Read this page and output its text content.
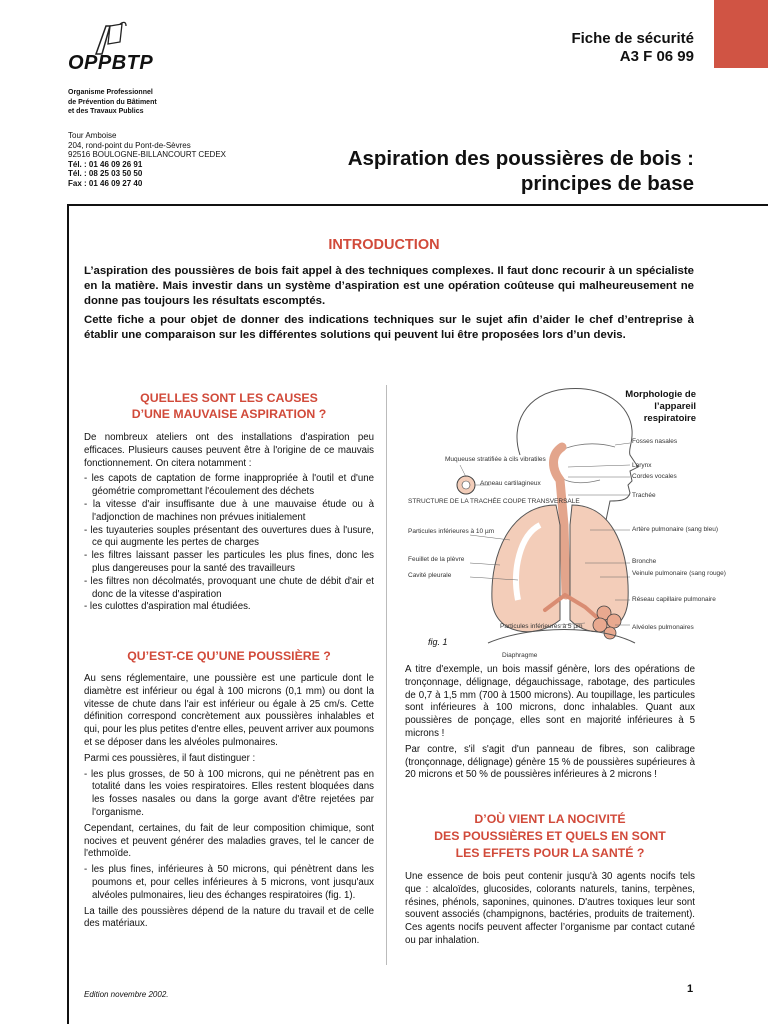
OPPBTP
Organisme Professionnel
de Prévention du Bâtiment
et des Travaux Publics
Tour Amboise
204, rond-point du Pont-de-Sèvres
92516 BOULOGNE-BILLANCOURT CEDEX
Tél. : 01 46 09 26 91
Tél. : 08 25 03 50 50
Fax : 01 46 09 27 40
Fiche de sécurité
A3 F 06 99
Aspiration des poussières de bois :
principes de base
INTRODUCTION
L’aspiration des poussières de bois fait appel à des techniques complexes. Il faut donc recourir à un spécialiste en la matière. Mais investir dans un système d’aspiration est une opération coûteuse qui malheureusement ne donne pas toujours les résultats escomptés.
Cette fiche a pour objet de donner des indications techniques sur le sujet afin d’aider le chef d’entreprise à établir une comparaison sur les différentes solutions qui peuvent lui être proposées lors d’un devis.
QUELLES SONT LES CAUSES
D’UNE MAUVAISE ASPIRATION ?

De nombreux ateliers ont des installations d'aspiration peu efficaces. Plusieurs causes peuvent être à l'origine de ce mauvais fonctionnement. On citera notamment :

- les capots de captation de forme inappropriée à l'outil et d'une géométrie compromettant l'écoulement des déchets
- la vitesse d'air insuffisante due à une mauvaise étude ou à l'adjonction de machines non prévues initialement
- les tuyauteries souples présentant des ouvertures dues à l'usure, ce qui augmente les pertes de charges
- les filtres laissant passer les particules les plus fines, donc les plus dangereuses pour la santé des travailleurs
- les filtres non décolmatés, provoquant une chute de débit d'air et donc de la vitesse d'aspiration
- les culottes d'aspiration mal étudiées.
QU’EST-CE QU’UNE POUSSIÈRE ?

Au sens réglementaire, une poussière est une particule dont le diamètre est inférieur ou égal à 100 microns (0,1 mm) ou dont la vitesse de chute dans l'air est inférieur ou égale à 25 cm/s. Cette définition correspond concrètement aux poussières inhalables et qui, pour les plus petites d'entre elles, peuvent arriver aux poumons et se déposer dans les alvéoles pulmonaires.

Parmi ces poussières, il faut distinguer :

- les plus grosses, de 50 à 100 microns, qui ne pénètrent pas en totalité dans les voies respiratoires. Elles restent bloquées dans les fosses nasales ou dans la gorge avant d'être rejetées par l'organisme.

Cependant, certaines, du fait de leur composition chimique, sont nocives et peuvent générer des maladies graves, tel le cancer de l'ethmoïde.

- les plus fines, inférieures à 50 microns, qui pénètrent dans les poumons et, pour celles inférieures à 5 microns, vont jusqu'aux alvéoles pulmonaires, lieu des échanges respiratoires (fig. 1).

La taille des poussières dépend de la nature du travail et de celle des matériaux.

Fosses nasales
Larynx
Cordes vocales
Trachée
Muqueuse stratifiée à cils vibratiles
Anneau cartilagineux
STRUCTURE DE LA TRACHÉE COUPE TRANSVERSALE
Particules inférieures à 10 µm
Feuillet de la plèvre
Cavité pleurale
Artère pulmonaire (sang bleu)
Bronche
Veinule pulmonaire (sang rouge)
Réseau capillaire pulmonaire
Alvéoles pulmonaires
Particules inférieures à 5 µm
Diaphragme
Morphologie de
l’appareil
respiratoire
fig. 1

A titre d'exemple, un bois massif génère, lors des opérations de tronçonnage, délignage, dégauchissage, rabotage, des particules de 0,7 à 1,5 mm (700 à 1500 microns). Au toupillage, les particules sont inférieures à 100 microns, donc inhalables. Quant aux poussières de ponçage, elles sont en majorité inférieures à 5 microns !

Par contre, s'il s'agit d'un panneau de fibres, son calibrage (tronçonnage, délignage) génère 15 % de poussières supérieures à 20 microns et 50 % de poussières inférieures à 2 microns !

D’OÙ VIENT LA NOCIVITÉ
DES POUSSIÈRES ET QUELS EN SONT
LES EFFETS POUR LA SANTÉ ?

Une essence de bois peut contenir jusqu'à 30 agents nocifs tels que : alcaloïdes, glucosides, colorants naturels, tanins, terpènes, résines, phénols, saponines, quinones. D'autres toxiques leur sont souvent associés (champignons, bactéries, produits de traitement). Ces agents nocifs peuvent affecter l’organisme par contact cutané ou par inhalation.

Edition novembre 2002.	1
